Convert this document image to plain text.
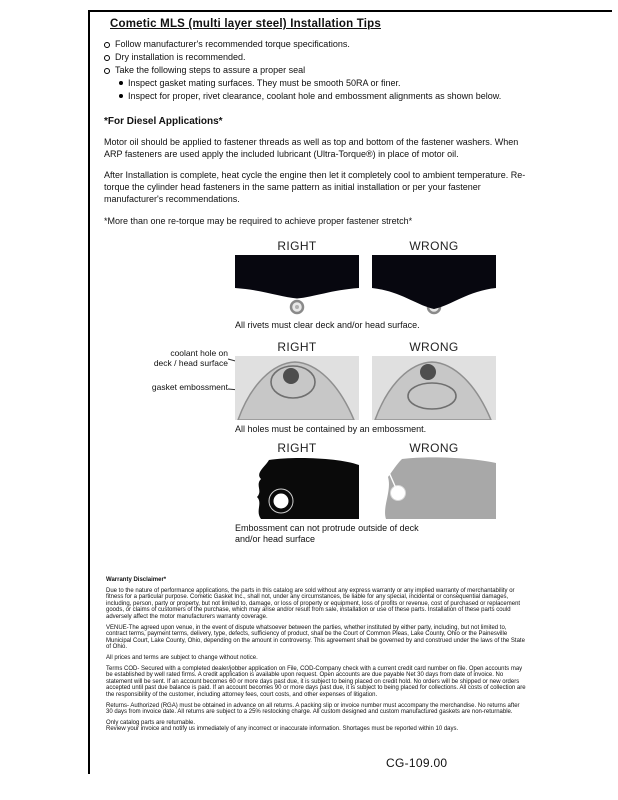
Cometic MLS (multi layer steel) Installation Tips
Follow manufacturer's recommended torque specifications.
Dry installation is recommended.
Take the following steps to assure a proper seal
Inspect gasket mating surfaces. They must be smooth 50RA or finer.
Inspect for proper, rivet clearance, coolant hole and embossment alignments as shown below.
*For Diesel Applications*
Motor oil should be applied to fastener threads as well as top and bottom of the fastener washers. When ARP fasteners are used apply the included lubricant (Ultra-Torque®) in place of motor oil.
After Installation is complete, heat cycle the engine then let it completely cool to ambient temperature. Re-torque the cylinder head fasteners in the same pattern as initial installation or per your fastener manufacturer's recommendations.
*More than one re-torque may be required to achieve proper fastener stretch*
RIGHT	WRONG
All rivets must clear deck and/or head surface.
RIGHT	WRONG
coolant hole on
deck / head surface
gasket embossment
All holes must be contained by an embossment.
RIGHT	WRONG
Embossment can not protrude outside of deck and/or head surface
Warranty Disclaimer*
Due to the nature of performance applications, the parts in this catalog are sold without any express warranty or any implied warranty of merchantability or fitness for a particular purpose. Cometic Gasket Inc., shall not, under any circumstances, be liable for any special, incidental or consequential damages, including, person, party or property, but not limited to, damage, or loss of property or equipment, loss of profits or revenue, cost of purchased or replacement goods, or claims of customers of the purchase, which may arise and/or result from sale, installation or use of these parts. Installation of these parts could adversely affect the motor manufacturers warranty coverage.
VENUE-The agreed upon venue, in the event of dispute whatsoever between the parties, whether instituted by either party, including, but not limited to, contract terms, payment terms, delivery, type, defects, sufficiency of product, shall be the Court of Common Pleas, Lake County, Ohio or the Painesville Municipal Court, Lake County, Ohio, depending on the amount in controversy. This agreement shall be governed by and construed under the laws of the State of Ohio.
All prices and terms are subject to change without notice.
Terms COD- Secured with a completed dealer/jobber application on File, COD-Company check with a current credit card number on file. Open accounts may be established by well rated firms. A credit application is available upon request. Open accounts are due payable Net 30 days from date of invoice. No statement will be sent. If an account becomes 60 or more days past due, it is subject to being placed on credit hold. No orders will be shipped or new orders accepted until past due balance is paid. If an account becomes 90 or more days past due, it is subject to being placed for collections. All costs of collection are the responsibility of the customer, including attorney fees, court costs, and other expenses of litigation.
Returns- Authorized (RGA) must be obtained in advance on all returns. A packing slip or invoice number must accompany the merchandise. No returns after 30 days from invoice date. All returns are subject to a 25% restocking charge. All custom designed and custom manufactured gaskets are non-returnable.
Only catalog parts are returnable.
Review your invoice and notify us immediately of any incorrect or inaccurate information. Shortages must be reported within 10 days.
CG-109.00
